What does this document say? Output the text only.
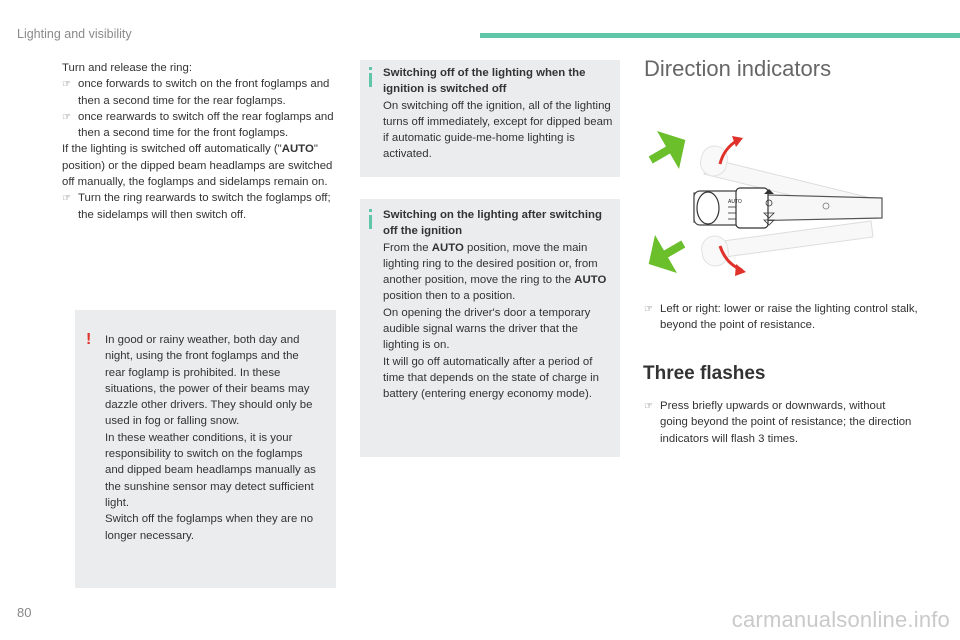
Lighting and visibility

Turn and release the ring:

☞ once forwards to switch on the front foglamps and then a second time for the rear foglamps.
☞ once rearwards to switch off the rear foglamps and then a second time for the front foglamps.

If the lighting is switched off automatically ("AUTO" position) or the dipped beam headlamps are switched off manually, the foglamps and sidelamps remain on.

☞ Turn the ring rearwards to switch the foglamps off; the sidelamps will then switch off.
! In good or rainy weather, both day and night, using the front foglamps and the rear foglamp is prohibited. In these situations, the power of their beams may dazzle other drivers. They should only be used in fog or falling snow.

In these weather conditions, it is your responsibility to switch on the foglamps and dipped beam headlamps manually as the sunshine sensor may detect sufficient light.

Switch off the foglamps when they are no longer necessary.

Switching off of the lighting when the ignition is switched off

On switching off the ignition, all of the lighting turns off immediately, except for dipped beam if automatic guide-me-home lighting is activated.

Switching on the lighting after switching off the ignition

From the AUTO position, move the main lighting ring to the desired position or, from another position, move the ring to the AUTO position then to a position.

On opening the driver's door a temporary audible signal warns the driver that the lighting is on.

It will go off automatically after a period of time that depends on the state of charge in battery (entering energy economy mode).

Direction indicators
AUTO
☞ Left or right: lower or raise the lighting control stalk, beyond the point of resistance.
Three flashes
☞ Press briefly upwards or downwards, without going beyond the point of resistance; the direction indicators will flash 3 times.
80	carmanualsonline.info
